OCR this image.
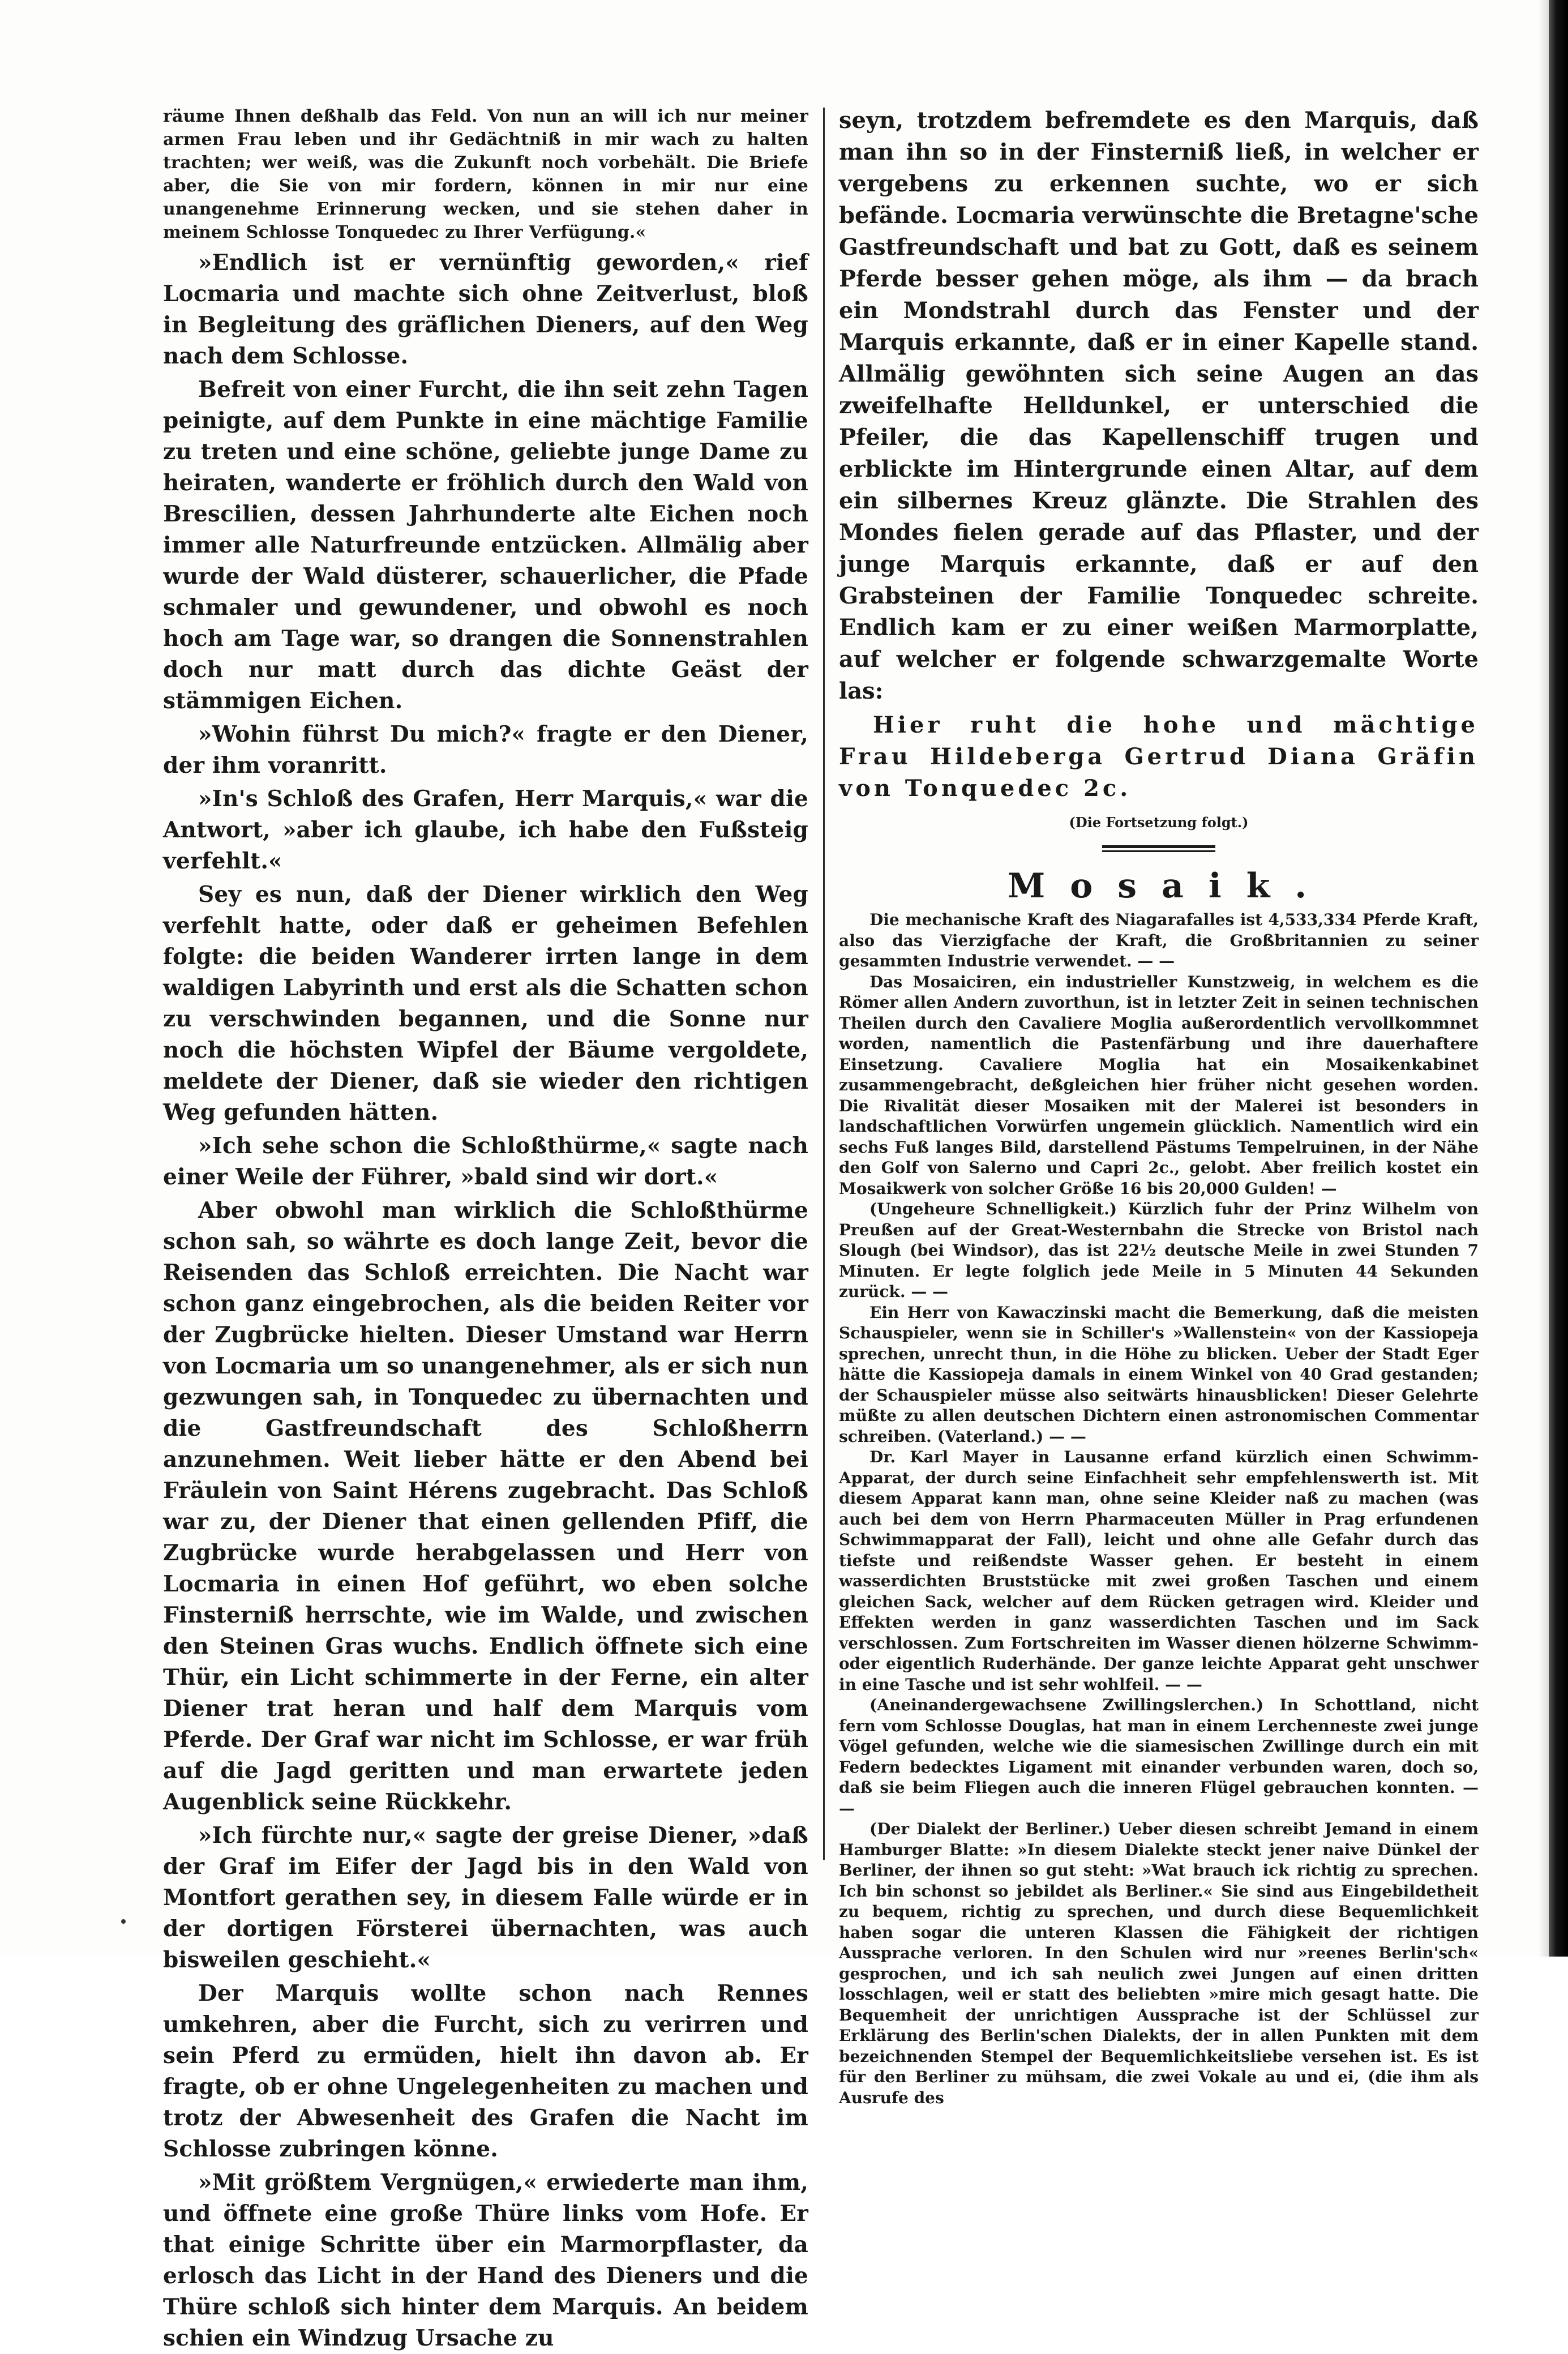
räume Ihnen deßhalb das Feld. Von nun an will ich nur meiner armen Frau leben und ihr Gedächtniß in mir wach zu halten trachten; wer weiß, was die Zukunft noch vorbehält. Die Briefe aber, die Sie von mir fordern, können in mir nur eine unangenehme Erinnerung wecken, und sie stehen daher in meinem Schlosse Tonquedec zu Ihrer Verfügung.«

»Endlich ist er vernünftig geworden,« rief Locmaria und machte sich ohne Zeitverlust, bloß in Begleitung des gräflichen Dieners, auf den Weg nach dem Schlosse.

Befreit von einer Furcht, die ihn seit zehn Tagen peinigte, auf dem Punkte in eine mächtige Familie zu treten und eine schöne, geliebte junge Dame zu heiraten, wanderte er fröhlich durch den Wald von Brescilien, dessen Jahrhunderte alte Eichen noch immer alle Naturfreunde entzücken. Allmälig aber wurde der Wald düsterer, schauerlicher, die Pfade schmaler und gewundener, und obwohl es noch hoch am Tage war, so drangen die Sonnenstrahlen doch nur matt durch das dichte Geäst der stämmigen Eichen.

»Wohin führst Du mich?« fragte er den Diener, der ihm voranritt.

»In's Schloß des Grafen, Herr Marquis,« war die Antwort, »aber ich glaube, ich habe den Fußsteig verfehlt.«

Sey es nun, daß der Diener wirklich den Weg verfehlt hatte, oder daß er geheimen Befehlen folgte: die beiden Wanderer irrten lange in dem waldigen Labyrinth und erst als die Schatten schon zu verschwinden begannen, und die Sonne nur noch die höchsten Wipfel der Bäume vergoldete, meldete der Diener, daß sie wieder den richtigen Weg gefunden hätten.

»Ich sehe schon die Schloßthürme,« sagte nach einer Weile der Führer, »bald sind wir dort.«

Aber obwohl man wirklich die Schloßthürme schon sah, so währte es doch lange Zeit, bevor die Reisenden das Schloß erreichten. Die Nacht war schon ganz eingebrochen, als die beiden Reiter vor der Zugbrücke hielten. Dieser Umstand war Herrn von Locmaria um so unangenehmer, als er sich nun gezwungen sah, in Tonquedec zu übernachten und die Gastfreundschaft des Schloßherrn anzunehmen. Weit lieber hätte er den Abend bei Fräulein von Saint Hérens zugebracht. Das Schloß war zu, der Diener that einen gellenden Pfiff, die Zugbrücke wurde herabgelassen und Herr von Locmaria in einen Hof geführt, wo eben solche Finsterniß herrschte, wie im Walde, und zwischen den Steinen Gras wuchs. Endlich öffnete sich eine Thür, ein Licht schimmerte in der Ferne, ein alter Diener trat heran und half dem Marquis vom Pferde. Der Graf war nicht im Schlosse, er war früh auf die Jagd geritten und man erwartete jeden Augenblick seine Rückkehr.

»Ich fürchte nur,« sagte der greise Diener, »daß der Graf im Eifer der Jagd bis in den Wald von Montfort gerathen sey, in diesem Falle würde er in der dortigen Försterei übernachten, was auch bisweilen geschieht.«

Der Marquis wollte schon nach Rennes umkehren, aber die Furcht, sich zu verirren und sein Pferd zu ermüden, hielt ihn davon ab. Er fragte, ob er ohne Ungelegenheiten zu machen und trotz der Abwesenheit des Grafen die Nacht im Schlosse zubringen könne.

»Mit größtem Vergnügen,« erwiederte man ihm, und öffnete eine große Thüre links vom Hofe. Er that einige Schritte über ein Marmorpflaster, da erlosch das Licht in der Hand des Dieners und die Thüre schloß sich hinter dem Marquis. An beidem schien ein Windzug Ursache zu

seyn, trotzdem befremdete es den Marquis, daß man ihn so in der Finsterniß ließ, in welcher er vergebens zu erkennen suchte, wo er sich befände. Locmaria verwünschte die Bretagne'sche Gastfreundschaft und bat zu Gott, daß es seinem Pferde besser gehen möge, als ihm — da brach ein Mondstrahl durch das Fenster und der Marquis erkannte, daß er in einer Kapelle stand. Allmälig gewöhnten sich seine Augen an das zweifelhafte Helldunkel, er unterschied die Pfeiler, die das Kapellenschiff trugen und erblickte im Hintergrunde einen Altar, auf dem ein silbernes Kreuz glänzte. Die Strahlen des Mondes fielen gerade auf das Pflaster, und der junge Marquis erkannte, daß er auf den Grabsteinen der Familie Tonquedec schreite. Endlich kam er zu einer weißen Marmorplatte, auf welcher er folgende schwarzgemalte Worte las:

Hier ruht die hohe und mächtige Frau Hildeberga Gertrud Diana Gräfin von Tonquedec 2c.

(Die Fortsetzung folgt.)
Mosaik.

Die mechanische Kraft des Niagarafalles ist 4,533,334 Pferde Kraft, also das Vierzigfache der Kraft, die Großbritannien zu seiner gesammten Industrie verwendet. — —

Das Mosaiciren, ein industrieller Kunstzweig, in welchem es die Römer allen Andern zuvorthun, ist in letzter Zeit in seinen technischen Theilen durch den Cavaliere Moglia außerordentlich vervollkommnet worden, namentlich die Pastenfärbung und ihre dauerhaftere Einsetzung. Cavaliere Moglia hat ein Mosaikenkabinet zusammengebracht, deßgleichen hier früher nicht gesehen worden. Die Rivalität dieser Mosaiken mit der Malerei ist besonders in landschaftlichen Vorwürfen ungemein glücklich. Namentlich wird ein sechs Fuß langes Bild, darstellend Pästums Tempelruinen, in der Nähe den Golf von Salerno und Capri 2c., gelobt. Aber freilich kostet ein Mosaikwerk von solcher Größe 16 bis 20,000 Gulden! —

(Ungeheure Schnelligkeit.) Kürzlich fuhr der Prinz Wilhelm von Preußen auf der Great-Westernbahn die Strecke von Bristol nach Slough (bei Windsor), das ist 22½ deutsche Meile in zwei Stunden 7 Minuten. Er legte folglich jede Meile in 5 Minuten 44 Sekunden zurück. — —

Ein Herr von Kawaczinski macht die Bemerkung, daß die meisten Schauspieler, wenn sie in Schiller's »Wallenstein« von der Kassiopeja sprechen, unrecht thun, in die Höhe zu blicken. Ueber der Stadt Eger hätte die Kassiopeja damals in einem Winkel von 40 Grad gestanden; der Schauspieler müsse also seitwärts hinausblicken! Dieser Gelehrte müßte zu allen deutschen Dichtern einen astronomischen Commentar schreiben. (Vaterland.) — —

Dr. Karl Mayer in Lausanne erfand kürzlich einen Schwimm-Apparat, der durch seine Einfachheit sehr empfehlenswerth ist. Mit diesem Apparat kann man, ohne seine Kleider naß zu machen (was auch bei dem von Herrn Pharmaceuten Müller in Prag erfundenen Schwimmapparat der Fall), leicht und ohne alle Gefahr durch das tiefste und reißendste Wasser gehen. Er besteht in einem wasserdichten Bruststücke mit zwei großen Taschen und einem gleichen Sack, welcher auf dem Rücken getragen wird. Kleider und Effekten werden in ganz wasserdichten Taschen und im Sack verschlossen. Zum Fortschreiten im Wasser dienen hölzerne Schwimm- oder eigentlich Ruderhände. Der ganze leichte Apparat geht unschwer in eine Tasche und ist sehr wohlfeil. — —

(Aneinandergewachsene Zwillingslerchen.) In Schottland, nicht fern vom Schlosse Douglas, hat man in einem Lerchenneste zwei junge Vögel gefunden, welche wie die siamesischen Zwillinge durch ein mit Federn bedecktes Ligament mit einander verbunden waren, doch so, daß sie beim Fliegen auch die inneren Flügel gebrauchen konnten. — —

(Der Dialekt der Berliner.) Ueber diesen schreibt Jemand in einem Hamburger Blatte: »In diesem Dialekte steckt jener naive Dünkel der Berliner, der ihnen so gut steht: »Wat brauch ick richtig zu sprechen. Ich bin schonst so jebildet als Berliner.« Sie sind aus Eingebildetheit zu bequem, richtig zu sprechen, und durch diese Bequemlichkeit haben sogar die unteren Klassen die Fähigkeit der richtigen Aussprache verloren. In den Schulen wird nur »reenes Berlin'sch« gesprochen, und ich sah neulich zwei Jungen auf einen dritten losschlagen, weil er statt des beliebten »mire mich gesagt hatte. Die Bequemheit der unrichtigen Aussprache ist der Schlüssel zur Erklärung des Berlin'schen Dialekts, der in allen Punkten mit dem bezeichnenden Stempel der Bequemlichkeitsliebe versehen ist. Es ist für den Berliner zu mühsam, die zwei Vokale au und ei, (die ihm als Ausrufe des
